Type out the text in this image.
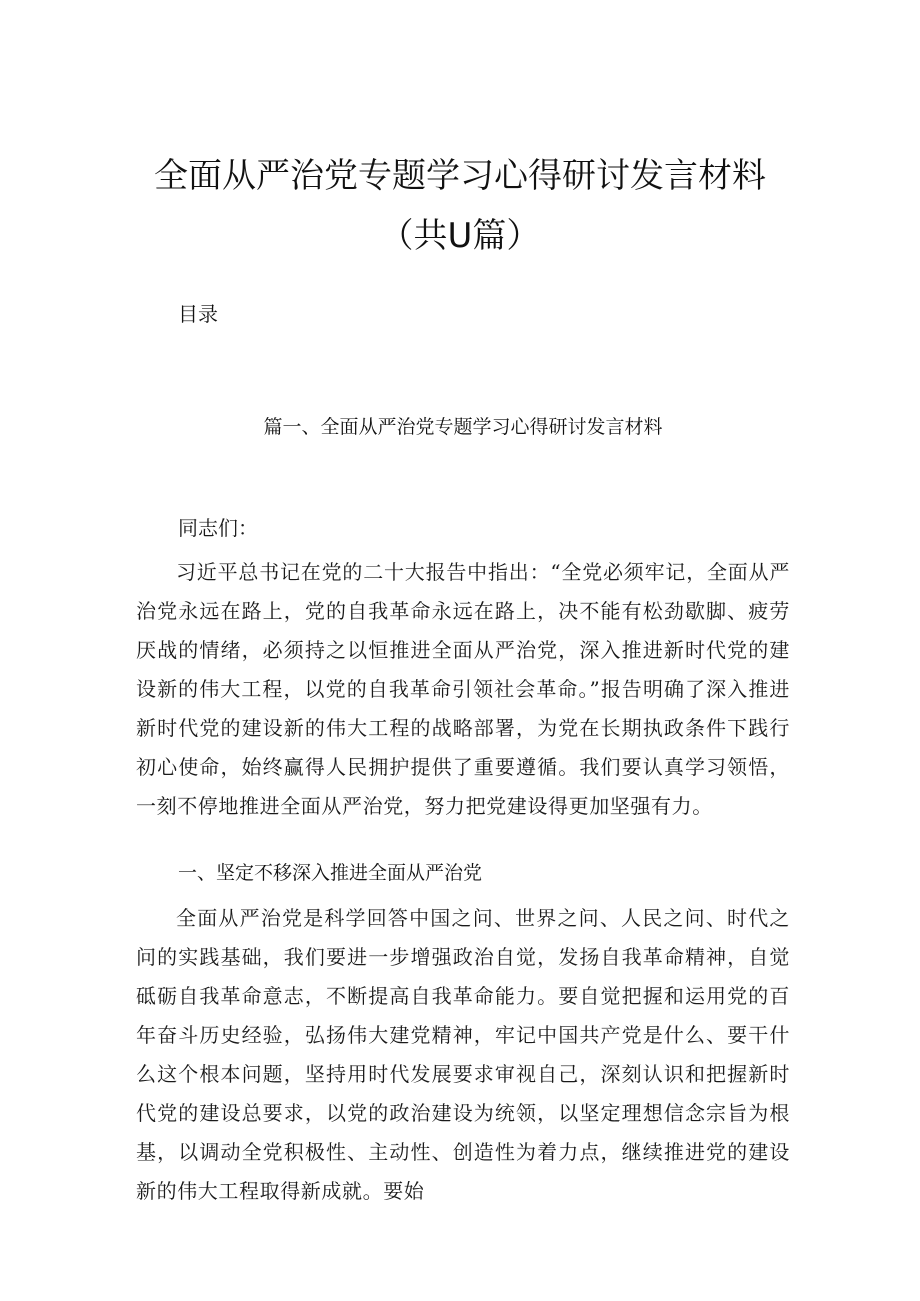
全面从严治党专题学习心得研讨发言材料
（共U篇）
目录
篇一、全面从严治党专题学习心得研讨发言材料
同志们：

习近平总书记在党的二十大报告中指出：“全党必须牢记，全面从严治党永远在路上，党的自我革命永远在路上，决不能有松劲歇脚、疲劳厌战的情绪，必须持之以恒推进全面从严治党，深入推进新时代党的建设新的伟大工程，以党的自我革命引领社会革命。”报告明确了深入推进新时代党的建设新的伟大工程的战略部署，为党在长期执政条件下践行初心使命，始终赢得人民拥护提供了重要遵循。我们要认真学习领悟，一刻不停地推进全面从严治党，努力把党建设得更加坚强有力。

一、坚定不移深入推进全面从严治党

全面从严治党是科学回答中国之问、世界之问、人民之问、时代之问的实践基础，我们要进一步增强政治自觉，发扬自我革命精神，自觉砥砺自我革命意志，不断提高自我革命能力。要自觉把握和运用党的百年奋斗历史经验，弘扬伟大建党精神，牢记中国共产党是什么、要干什么这个根本问题，坚持用时代发展要求审视自己，深刻认识和把握新时代党的建设总要求，以党的政治建设为统领，以坚定理想信念宗旨为根基，以调动全党积极性、主动性、创造性为着力点，继续推进党的建设新的伟大工程取得新成就。要始
